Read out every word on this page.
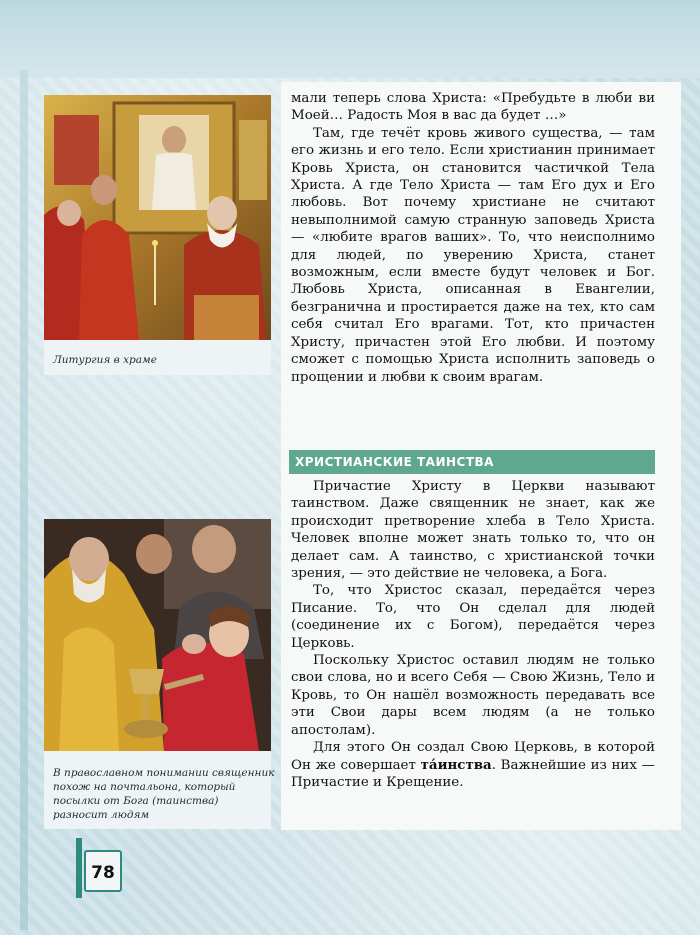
Литургия в храме
В православном понимании священник похож на почтальона, который посылки от Бога (таинства) разносит людям

мали теперь слова Христа: «Пребудьте в люби ви Моей… Радость Моя в вас да будет …»

Там, где течёт кровь живого существа, — там его жизнь и его тело. Если христианин принимает Кровь Христа, он становится частичкой Тела Христа. А где Тело Христа — там Его дух и Его любовь. Вот почему христиане не считают невыполнимой самую странную заповедь Христа — «любите врагов ваших». То, что неисполнимо для людей, по уверению Христа, станет возможным, если вместе будут человек и Бог. Любовь Христа, описанная в Евангелии, безгранична и простирается даже на тех, кто сам себя считал Его врагами. Тот, кто причастен Христу, причастен этой Его любви. И поэтому сможет с помощью Христа исполнить заповедь о прощении и любви к своим врагам.

ХРИСТИАНСКИЕ ТАИНСТВА

Причастие Христу в Церкви называют таинством. Даже священник не знает, как же происходит претворение хлеба в Тело Христа. Человек вполне может знать только то, что он делает сам. А таинство, с христианской точки зрения, — это действие не человека, а Бога.

То, что Христос сказал, передаётся через Писание. То, что Он сделал для людей (соединение их с Богом), передаётся через Церковь.

Поскольку Христос оставил людям не только свои слова, но и всего Себя — Свою Жизнь, Тело и Кровь, то Он нашёл возможность передавать все эти Свои дары всем людям (а не только апостолам).

Для этого Он создал Свою Церковь, в которой Он же совершает та́инства. Важнейшие из них — Причастие и Крещение.

78
